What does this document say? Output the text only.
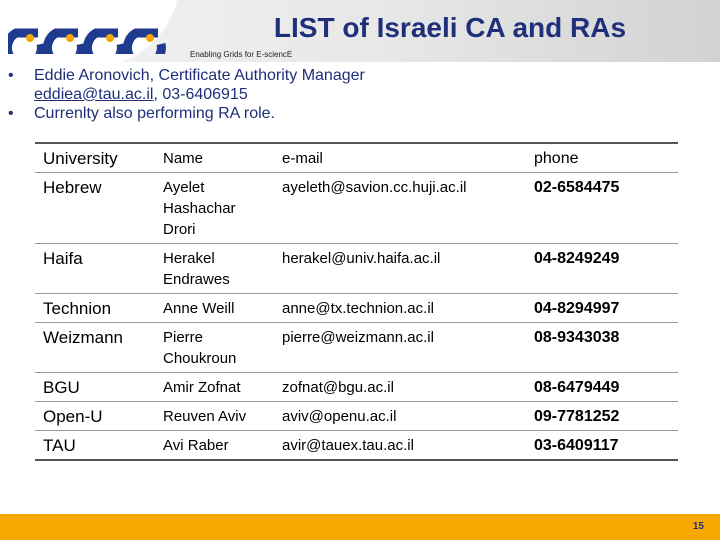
LIST of Israeli CA and RAs
Enabling Grids for E-sciencE
•	Eddie Aronovich, Certificate Authority Manager
eddiea@tau.ac.il, 03-6406915
•	Currenlty also performing RA role.
University	Name	e-mail	phone
Hebrew	Ayelet Hashachar Drori	ayeleth@savion.cc.huji.ac.il	02-6584475
Haifa	Herakel Endrawes	herakel@univ.haifa.ac.il	04-8249249
Technion	Anne Weill	anne@tx.technion.ac.il	04-8294997
Weizmann	Pierre Choukroun	pierre@weizmann.ac.il	08-9343038
BGU	Amir Zofnat	zofnat@bgu.ac.il	08-6479449
Open-U	Reuven Aviv	aviv@openu.ac.il	09-7781252
TAU	Avi Raber	avir@tauex.tau.ac.il	03-6409117
15
